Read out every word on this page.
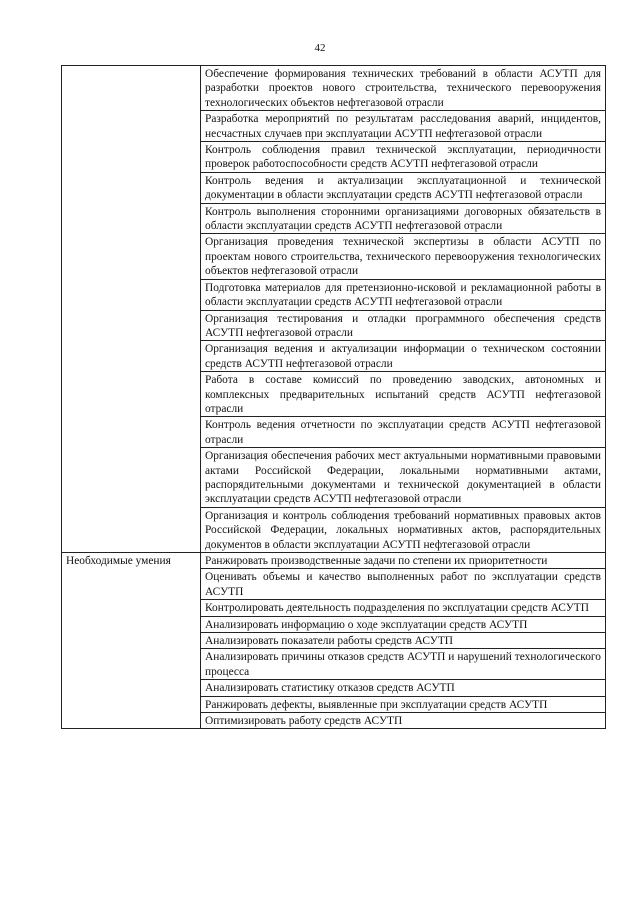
42
	Обеспечение формирования технических требований в области АСУТП для разработки проектов нового строительства, технического перевооружения технологических объектов нефтегазовой отрасли
	Разработка мероприятий по результатам расследования аварий, инцидентов, несчастных случаев при эксплуатации АСУТП нефтегазовой отрасли
	Контроль соблюдения правил технической эксплуатации, периодичности проверок работоспособности средств АСУТП нефтегазовой отрасли
	Контроль ведения и актуализации эксплуатационной и технической документации в области эксплуатации средств АСУТП нефтегазовой отрасли
	Контроль выполнения сторонними организациями договорных обязательств в области эксплуатации средств АСУТП нефтегазовой отрасли
	Организация проведения технической экспертизы в области АСУТП по проектам нового строительства, технического перевооружения технологических объектов нефтегазовой отрасли
	Подготовка материалов для претензионно-исковой и рекламационной работы в области эксплуатации средств АСУТП нефтегазовой отрасли
	Организация тестирования и отладки программного обеспечения средств АСУТП нефтегазовой отрасли
	Организация ведения и актуализации информации о техническом состоянии средств АСУТП нефтегазовой отрасли
	Работа в составе комиссий по проведению заводских, автономных и комплексных предварительных испытаний средств АСУТП нефтегазовой отрасли
	Контроль ведения отчетности по эксплуатации средств АСУТП нефтегазовой отрасли
	Организация обеспечения рабочих мест актуальными нормативными правовыми актами Российской Федерации, локальными нормативными актами, распорядительными документами и технической документацией в области эксплуатации средств АСУТП нефтегазовой отрасли
	Организация и контроль соблюдения требований нормативных правовых актов Российской Федерации, локальных нормативных актов, распорядительных документов в области эксплуатации АСУТП нефтегазовой отрасли
Необходимые умения	Ранжировать производственные задачи по степени их приоритетности
	Оценивать объемы и качество выполненных работ по эксплуатации средств АСУТП
	Контролировать деятельность подразделения по эксплуатации средств АСУТП
	Анализировать информацию о ходе эксплуатации средств АСУТП
	Анализировать показатели работы средств АСУТП
	Анализировать причины отказов средств АСУТП и нарушений технологического процесса
	Анализировать статистику отказов средств АСУТП
	Ранжировать дефекты, выявленные при эксплуатации средств АСУТП
	Оптимизировать работу средств АСУТП
